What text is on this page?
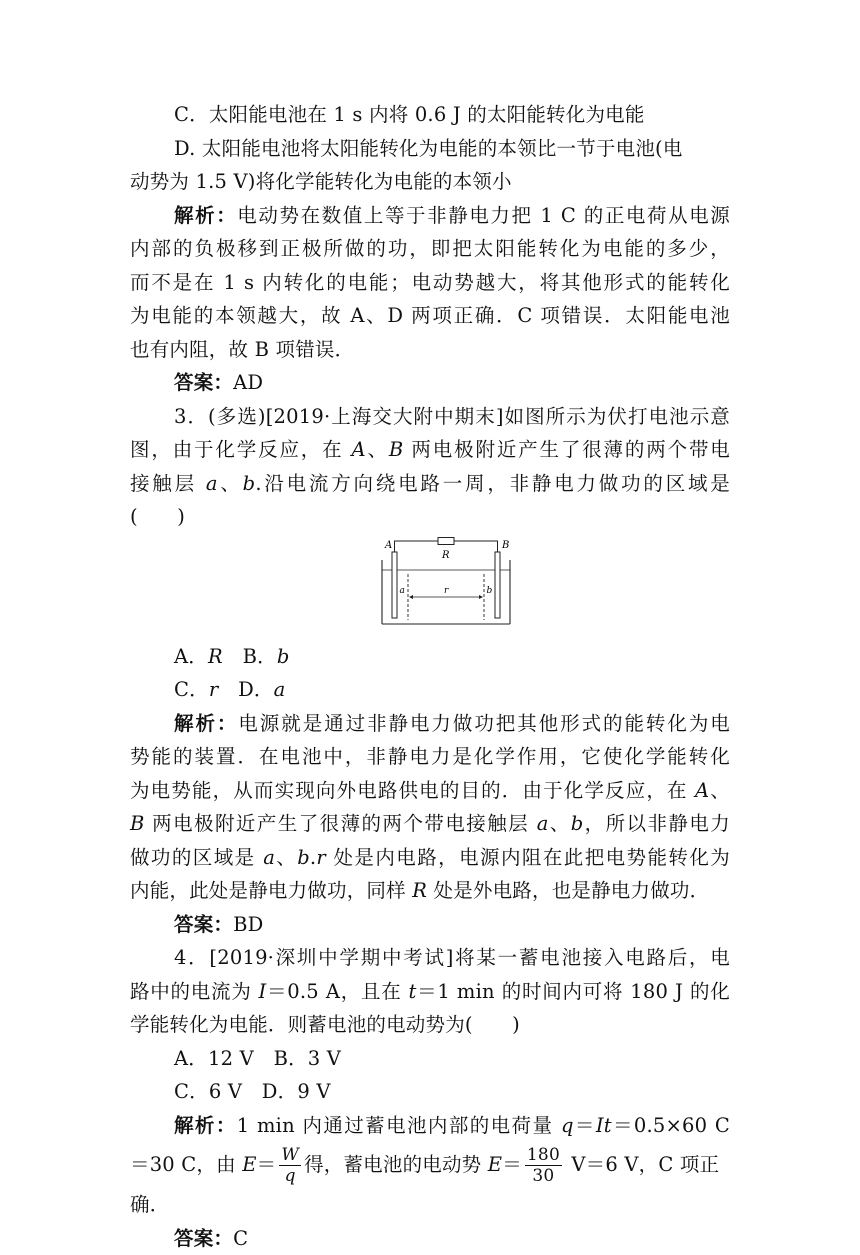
C．太阳能电池在 1 s 内将 0.6 J 的太阳能转化为电能
D. 太阳能电池将太阳能转化为电能的本领比一节于电池(电
动势为 1.5 V)将化学能转化为电能的本领小
解析：电动势在数值上等于非静电力把 1 C 的正电荷从电源
内部的负极移到正极所做的功，即把太阳能转化为电能的多少，
而不是在 1 s 内转化的电能；电动势越大，将其他形式的能转化
为电能的本领越大，故 A、D 两项正确．C 项错误．太阳能电池
也有内阻，故 B 项错误．
答案：AD
3．(多选)[2019·上海交大附中期末]如图所示为伏打电池示意
图，由于化学反应，在 A、B 两电极附近产生了很薄的两个带电
接触层 a、b.沿电流方向绕电路一周，非静电力做功的区域是
(　　)
A	B
R
a	r	b
A．R　 B．b
C．r　 D．a
解析：电源就是通过非静电力做功把其他形式的能转化为电
势能的装置．在电池中，非静电力是化学作用，它使化学能转化
为电势能，从而实现向外电路供电的目的．由于化学反应，在 A、
B 两电极附近产生了很薄的两个带电接触层 a、b，所以非静电力
做功的区域是 a、b.r 处是内电路，电源内阻在此把电势能转化为
内能，此处是静电力做功，同样 R 处是外电路，也是静电力做功．
答案：BD
4．[2019·深圳中学期中考试]将某一蓄电池接入电路后，电
路中的电流为 I＝0.5 A，且在 t＝1 min 的时间内可将 180 J 的化
学能转化为电能．则蓄电池的电动势为(　　)
A．12 V　B．3 V
C．6 V　D．9 V
解析：1 min 内通过蓄电池内部的电荷量 q＝It＝0.5×60 C
＝30 C，由 $E= \frac{W}{q}$ 得，蓄电池的电动势 $E= \frac{180}{30} V=6$ V，C 项正
确．
答案：C
